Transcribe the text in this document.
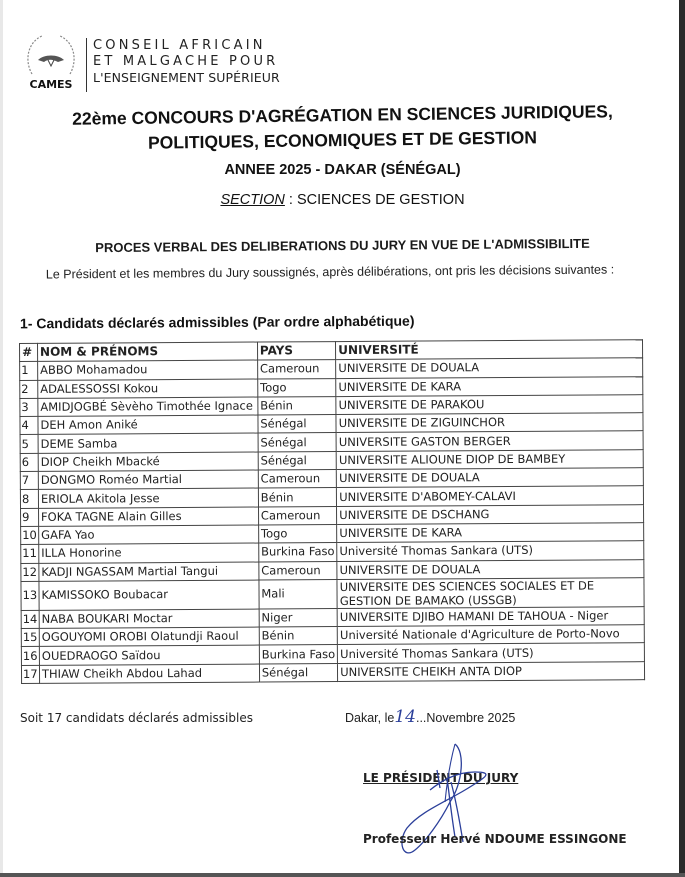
CAMES
CONSEIL AFRICAIN
ET MALGACHE POUR
L'ENSEIGNEMENT SUPÉRIEUR
22ème CONCOURS D'AGRÉGATION EN SCIENCES JURIDIQUES,
POLITIQUES, ECONOMIQUES ET DE GESTION
ANNEE 2025 - DAKAR (SÉNÉGAL)
SECTION : SCIENCES DE GESTION
PROCES VERBAL DES DELIBERATIONS DU JURY EN VUE DE L'ADMISSIBILITE
Le Président et les membres du Jury soussignés, après délibérations, ont pris les décisions suivantes :
1- Candidats déclarés admissibles (Par ordre alphabétique)
#	NOM & PRÉNOMS	PAYS	UNIVERSITÉ
1	ABBO Mohamadou	Cameroun	UNIVERSITE DE DOUALA
2	ADALESSOSSI Kokou	Togo	UNIVERSITE DE KARA
3	AMIDJOGBÉ Sèvèho Timothée Ignace	Bénin	UNIVERSITE DE PARAKOU
4	DEH Amon Aniké	Sénégal	UNIVERSITE DE ZIGUINCHOR
5	DEME Samba	Sénégal	UNIVERSITE GASTON BERGER
6	DIOP Cheikh Mbacké	Sénégal	UNIVERSITE ALIOUNE DIOP DE BAMBEY
7	DONGMO Roméo Martial	Cameroun	UNIVERSITE DE DOUALA
8	ERIOLA Akitola Jesse	Bénin	UNIVERSITE D'ABOMEY-CALAVI
9	FOKA TAGNE Alain Gilles	Cameroun	UNIVERSITE DE DSCHANG
10	GAFA Yao	Togo	UNIVERSITE DE KARA
11	ILLA Honorine	Burkina Faso	Université Thomas Sankara (UTS)
12	KADJI NGASSAM Martial Tangui	Cameroun	UNIVERSITE DE DOUALA
13	KAMISSOKO Boubacar	Mali	UNIVERSITE DES SCIENCES SOCIALES ET DE GESTION DE BAMAKO (USSGB)
14	NABA BOUKARI Moctar	Niger	UNIVERSITE DJIBO HAMANI DE TAHOUA - Niger
15	OGOUYOMI OROBI Olatundji Raoul	Bénin	Université Nationale d'Agriculture de Porto-Novo
16	OUEDRAOGO Saïdou	Burkina Faso	Université Thomas Sankara (UTS)
17	THIAW Cheikh Abdou Lahad	Sénégal	UNIVERSITE CHEIKH ANTA DIOP
Soit 17 candidats déclarés admissibles	Dakar, le14...Novembre 2025
LE PRÉSIDENT DU JURY
Professeur Hervé NDOUME ESSINGONE
